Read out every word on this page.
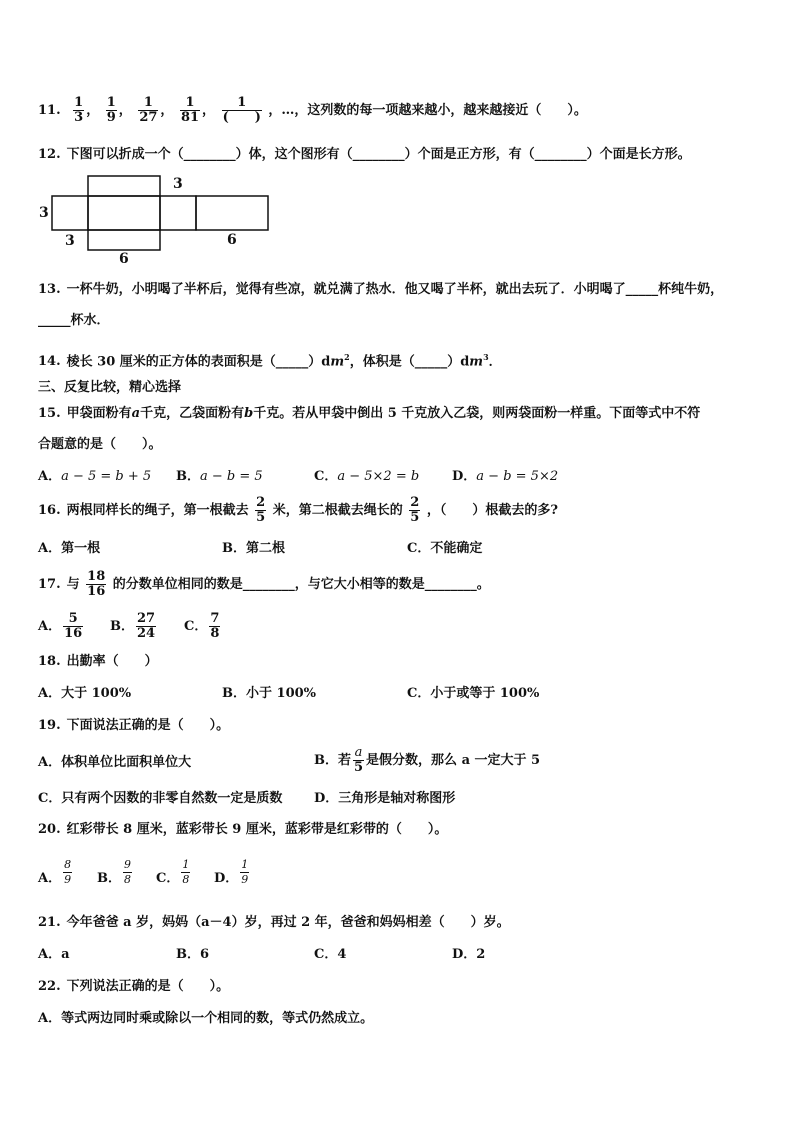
11. $\frac{1}{3}$ ， $\frac{1}{9}$ ， $\frac{1}{27}$ ， $\frac{1}{81}$ ， $\frac{1}{( )}$ ，…，这列数的每一项越来越小，越来越接近（　　）。
12. 下图可以折成一个（________）体，这个图形有（________）个面是正方形，有（________）个面是长方形。
3
3
3
6
6
13. 一杯牛奶，小明喝了半杯后，觉得有些凉，就兑满了热水．他又喝了半杯，就出去玩了．小明喝了_____杯纯牛奶，
_____杯水．
14. 棱长 30 厘米的正方体的表面积是$(\_\_\_\_\_)dm^2$，体积是$(\_\_\_\_\_)dm^3$．
三、反复比较，精心选择
15. 甲袋面粉有a千克，乙袋面粉有b千克。若从甲袋中倒出 5 千克放入乙袋，则两袋面粉一样重。下面等式中不符
合题意的是（　　）。
A．a − 5 = b + 5 B．a − b = 5	C．a − 5×2 = b	D．a − b = 5×2
16. 两根同样长的绳子，第一根截去 $\frac{2}{5}$ 米，第二根截去绳长的 $\frac{2}{5}$ ，（　　）根截去的多?
A．第一根	B．第二根	C．不能确定
17. 与 $\frac{18}{16}$ 的分数单位相同的数是________，与它大小相等的数是________。
A． $\frac{5}{16}$ B． $\frac{27}{24}$ C． $\frac{7}{8}$
18. 出勤率（　　）
A．大于 100%	B．小于 100%	C．小于或等于 100%
19. 下面说法正确的是（　　）。
A．体积单位比面积单位大	B．若 $\frac{a}{5}$ 是假分数，那么 a 一定大于 5
C．只有两个因数的非零自然数一定是质数 D．三角形是轴对称图形
20. 红彩带长 8 厘米，蓝彩带长 9 厘米，蓝彩带是红彩带的（　　）。
A． $\frac{8}{9}$ B． $\frac{9}{8}$ C． $\frac{1}{8}$ D． $\frac{1}{9}$
21. 今年爸爸 a 岁，妈妈（a－4）岁，再过 2 年，爸爸和妈妈相差（　　）岁。
A．a	B．6	C．4	D．2
22. 下列说法正确的是（　　）。
A．等式两边同时乘或除以一个相同的数，等式仍然成立。
